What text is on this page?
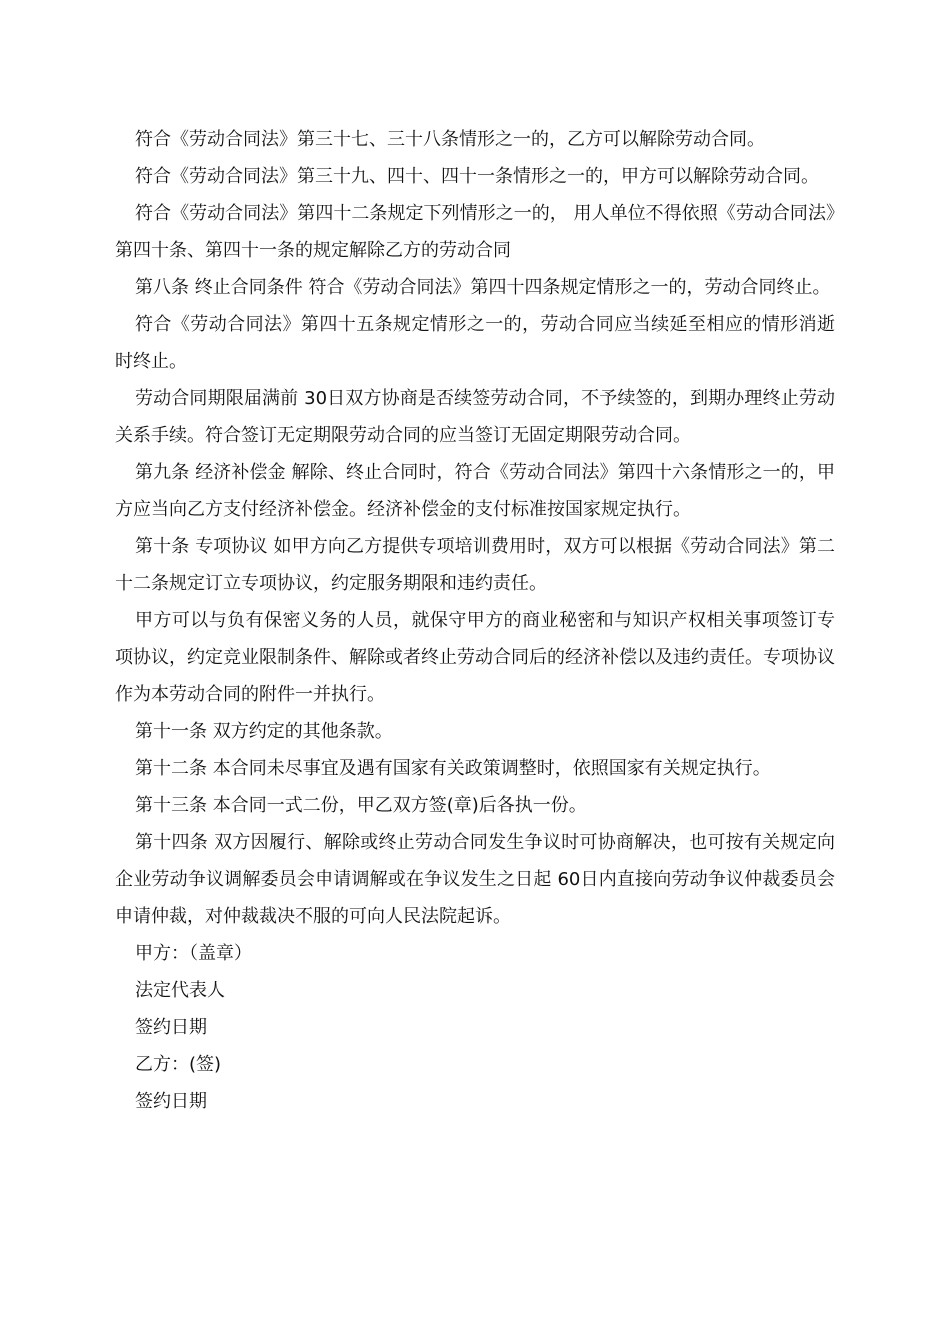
符合《劳动合同法》第三十七、三十八条情形之一的，乙方可以解除劳动合同。

符合《劳动合同法》第三十九、四十、四十一条情形之一的，甲方可以解除劳动合同。

符合《劳动合同法》第四十二条规定下列情形之一的， 用人单位不得依照《劳动合同法》第四十条、第四十一条的规定解除乙方的劳动合同

第八条 终止合同条件 符合《劳动合同法》第四十四条规定情形之一的，劳动合同终止。

符合《劳动合同法》第四十五条规定情形之一的，劳动合同应当续延至相应的情形消逝时终止。

劳动合同期限届满前 30日双方协商是否续签劳动合同，不予续签的，到期办理终止劳动关系手续。符合签订无定期限劳动合同的应当签订无固定期限劳动合同。

第九条 经济补偿金 解除、终止合同时，符合《劳动合同法》第四十六条情形之一的，甲方应当向乙方支付经济补偿金。经济补偿金的支付标准按国家规定执行。

第十条 专项协议 如甲方向乙方提供专项培训费用时，双方可以根据《劳动合同法》第二十二条规定订立专项协议，约定服务期限和违约责任。

甲方可以与负有保密义务的人员，就保守甲方的商业秘密和与知识产权相关事项签订专项协议，约定竞业限制条件、解除或者终止劳动合同后的经济补偿以及违约责任。专项协议作为本劳动合同的附件一并执行。

第十一条 双方约定的其他条款。

第十二条 本合同未尽事宜及遇有国家有关政策调整时，依照国家有关规定执行。

第十三条 本合同一式二份，甲乙双方签(章)后各执一份。

第十四条 双方因履行、解除或终止劳动合同发生争议时可协商解决，也可按有关规定向企业劳动争议调解委员会申请调解或在争议发生之日起 60日内直接向劳动争议仲裁委员会申请仲裁，对仲裁裁决不服的可向人民法院起诉。

甲方：（盖章）

法定代表人

签约日期

乙方：(签)

签约日期
